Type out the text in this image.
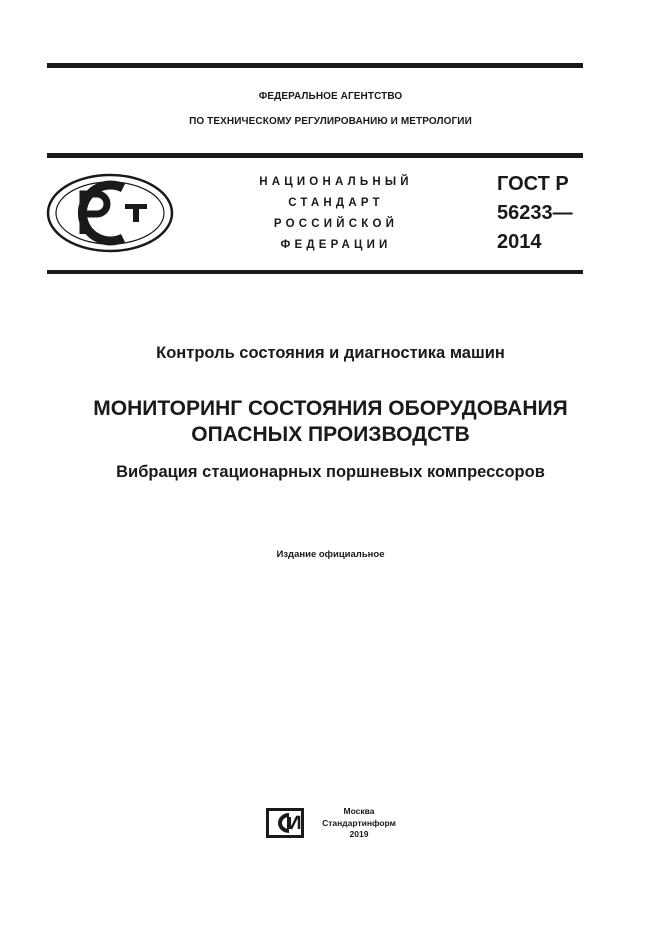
ФЕДЕРАЛЬНОЕ АГЕНТСТВО
ПО ТЕХНИЧЕСКОМУ РЕГУЛИРОВАНИЮ И МЕТРОЛОГИИ
НАЦИОНАЛЬНЫЙ
СТАНДАРТ
РОССИЙСКОЙ
ФЕДЕРАЦИИ
ГОСТ Р
56233—
2014
Контроль состояния и диагностика машин
МОНИТОРИНГ СОСТОЯНИЯ ОБОРУДОВАНИЯ
ОПАСНЫХ ПРОИЗВОДСТВ
Вибрация стационарных поршневых компрессоров
Издание официальное
Москва
Стандартинформ
2019
